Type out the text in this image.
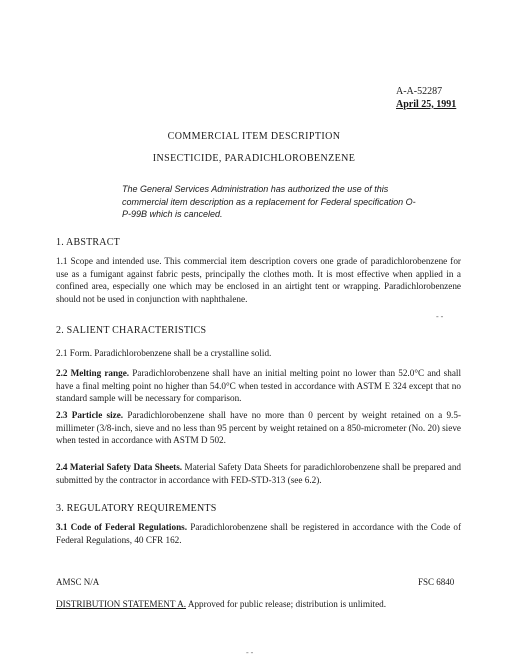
A-A-52287
April 25, 1991
COMMERCIAL ITEM DESCRIPTION
INSECTICIDE, PARADICHLOROBENZENE
The General Services Administration has authorized the use of this commercial item description as a replacement for Federal specification O-P-99B which is canceled.
1. ABSTRACT
1.1 Scope and intended use. This commercial item description covers one grade of paradichlorobenzene for use as a fumigant against fabric pests, principally the clothes moth. It is most effective when applied in a confined area, especially one which may be enclosed in an airtight tent or wrapping. Paradichlorobenzene should not be used in conjunction with naphthalene.
- -
2. SALIENT CHARACTERISTICS
2.1 Form. Paradichlorobenzene shall be a crystalline solid.
2.2 Melting range. Paradichlorobenzene shall have an initial melting point no lower than 52.0°C and shall have a final melting point no higher than 54.0°C when tested in accordance with ASTM E 324 except that no standard sample will be necessary for comparison.
2.3 Particle size. Paradichlorobenzene shall have no more than 0 percent by weight retained on a 9.5-millimeter (3/8-inch, sieve and no less than 95 percent by weight retained on a 850-micrometer (No. 20) sieve when tested in accordance with ASTM D 502.
2.4 Material Safety Data Sheets. Material Safety Data Sheets for paradichlorobenzene shall be prepared and submitted by the contractor in accordance with FED-STD-313 (see 6.2).
3. REGULATORY REQUIREMENTS
3.1 Code of Federal Regulations. Paradichlorobenzene shall be registered in accordance with the Code of Federal Regulations, 40 CFR 162.
AMSC N/A	FSC 6840
DISTRIBUTION STATEMENT A. Approved for public release; distribution is unlimited.
- -
